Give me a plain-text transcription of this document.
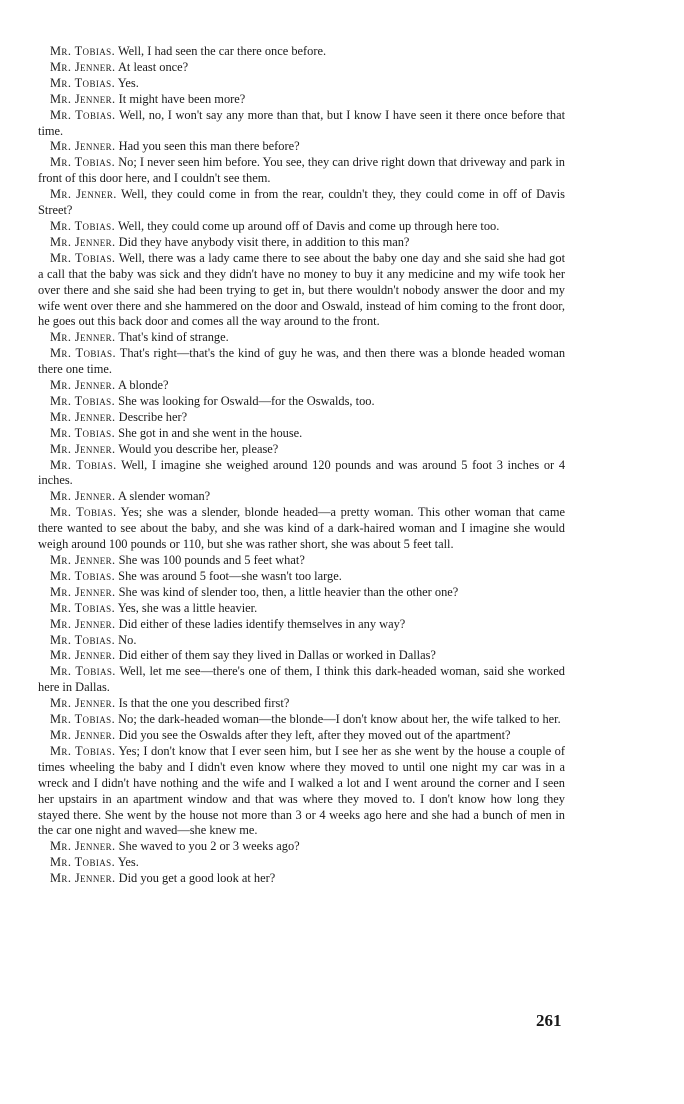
Mr. Tobias. Well, I had seen the car there once before.

Mr. Jenner. At least once?

Mr. Tobias. Yes.

Mr. Jenner. It might have been more?

Mr. Tobias. Well, no, I won't say any more than that, but I know I have seen it there once before that time.

Mr. Jenner. Had you seen this man there before?

Mr. Tobias. No; I never seen him before. You see, they can drive right down that driveway and park in front of this door here, and I couldn't see them.

Mr. Jenner. Well, they could come in from the rear, couldn't they, they could come in off of Davis Street?

Mr. Tobias. Well, they could come up around off of Davis and come up through here too.

Mr. Jenner. Did they have anybody visit there, in addition to this man?

Mr. Tobias. Well, there was a lady came there to see about the baby one day and she said she had got a call that the baby was sick and they didn't have no money to buy it any medicine and my wife took her over there and she said she had been trying to get in, but there wouldn't nobody answer the door and my wife went over there and she hammered on the door and Oswald, instead of him coming to the front door, he goes out this back door and comes all the way around to the front.

Mr. Jenner. That's kind of strange.

Mr. Tobias. That's right—that's the kind of guy he was, and then there was a blonde headed woman there one time.

Mr. Jenner. A blonde?

Mr. Tobias. She was looking for Oswald—for the Oswalds, too.

Mr. Jenner. Describe her?

Mr. Tobias. She got in and she went in the house.

Mr. Jenner. Would you describe her, please?

Mr. Tobias. Well, I imagine she weighed around 120 pounds and was around 5 foot 3 inches or 4 inches.

Mr. Jenner. A slender woman?

Mr. Tobias. Yes; she was a slender, blonde headed—a pretty woman. This other woman that came there wanted to see about the baby, and she was kind of a dark-haired woman and I imagine she would weigh around 100 pounds or 110, but she was rather short, she was about 5 feet tall.

Mr. Jenner. She was 100 pounds and 5 feet what?

Mr. Tobias. She was around 5 foot—she wasn't too large.

Mr. Jenner. She was kind of slender too, then, a little heavier than the other one?

Mr. Tobias. Yes, she was a little heavier.

Mr. Jenner. Did either of these ladies identify themselves in any way?

Mr. Tobias. No.

Mr. Jenner. Did either of them say they lived in Dallas or worked in Dallas?

Mr. Tobias. Well, let me see—there's one of them, I think this dark-headed woman, said she worked here in Dallas.

Mr. Jenner. Is that the one you described first?

Mr. Tobias. No; the dark-headed woman—the blonde—I don't know about her, the wife talked to her.

Mr. Jenner. Did you see the Oswalds after they left, after they moved out of the apartment?

Mr. Tobias. Yes; I don't know that I ever seen him, but I see her as she went by the house a couple of times wheeling the baby and I didn't even know where they moved to until one night my car was in a wreck and I didn't have nothing and the wife and I walked a lot and I went around the corner and I seen her upstairs in an apartment window and that was where they moved to. I don't know how long they stayed there. She went by the house not more than 3 or 4 weeks ago here and she had a bunch of men in the car one night and waved—she knew me.

Mr. Jenner. She waved to you 2 or 3 weeks ago?

Mr. Tobias. Yes.

Mr. Jenner. Did you get a good look at her?

261
